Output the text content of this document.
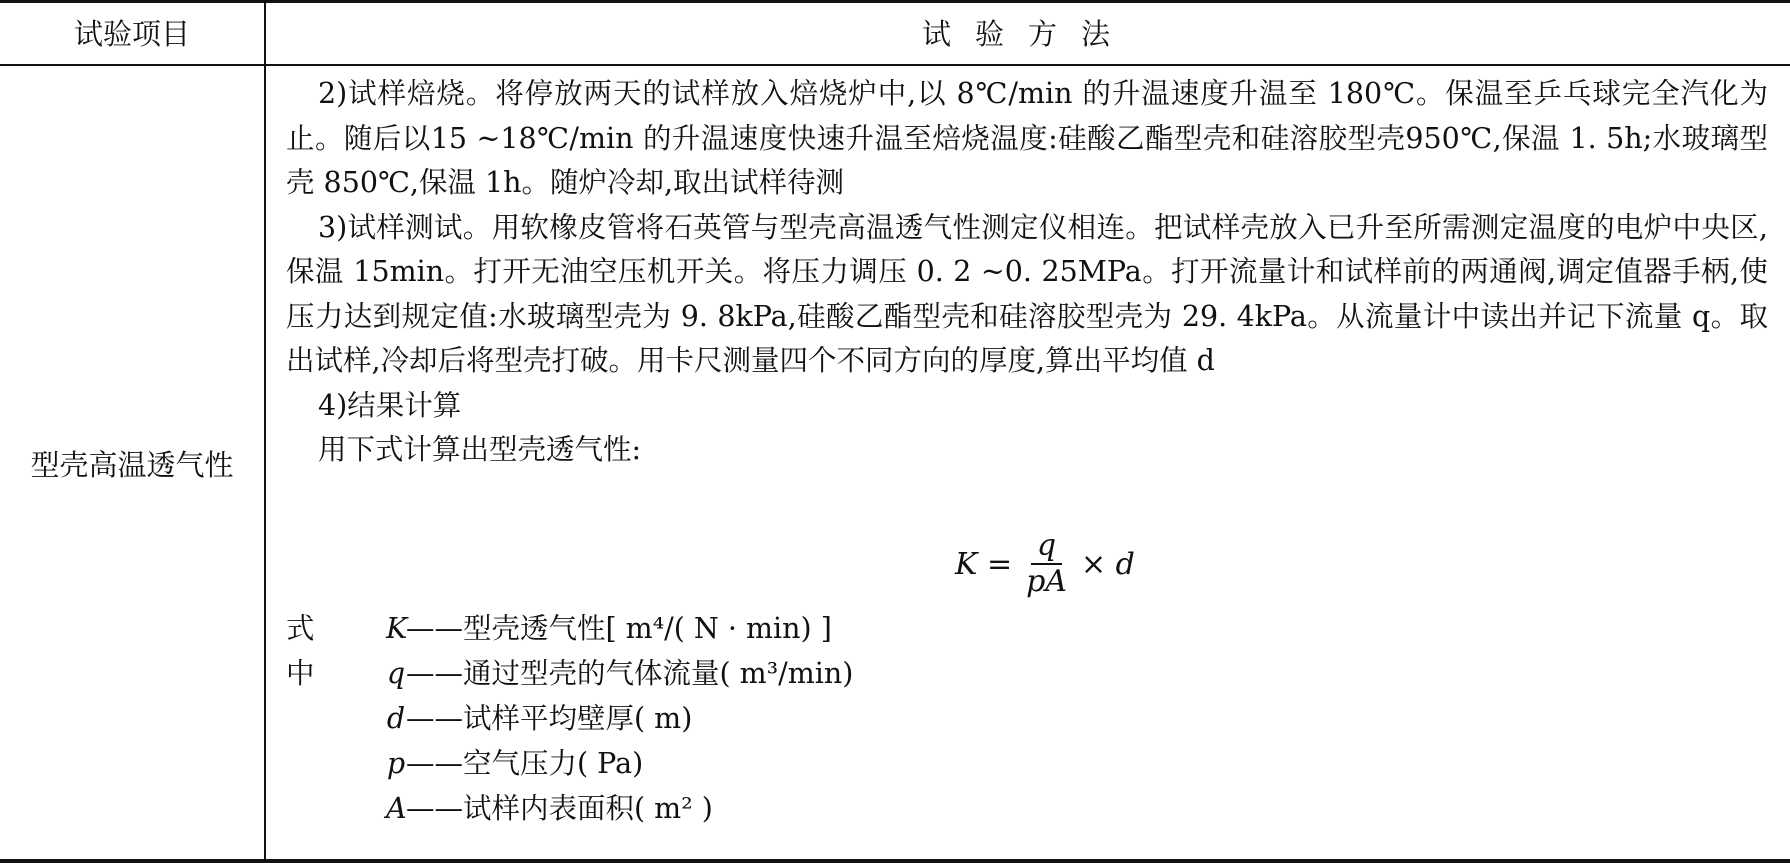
试验项目	试验方法
型壳高温透气性

2)试样焙烧。将停放两天的试样放入焙烧炉中,以 8℃/min 的升温速度升温至 180℃。保温至乒乓球完全汽化为止。随后以15 ~18℃/min 的升温速度快速升温至焙烧温度:硅酸乙酯型壳和硅溶胶型壳950℃,保温 1. 5h;水玻璃型壳 850℃,保温 1h。随炉冷却,取出试样待测

3)试样测试。用软橡皮管将石英管与型壳高温透气性测定仪相连。把试样壳放入已升至所需测定温度的电炉中央区,保温 15min。打开无油空压机开关。将压力调压 0. 2 ~0. 25MPa。打开流量计和试样前的两通阀,调定值器手柄,使压力达到规定值:水玻璃型壳为 9. 8kPa,硅酸乙酯型壳和硅溶胶型壳为 29. 4kPa。从流量计中读出并记下流量 q。取出试样,冷却后将型壳打破。用卡尺测量四个不同方向的厚度,算出平均值 d

4)结果计算

用下式计算出型壳透气性:

$K = \frac{q}{pA} \times d$
式中
K
——型壳透气性[ m⁴/( N · min) ]
q ——通过型壳的气体流量( m³/min)
d ——试样平均壁厚( m)
p ——空气压力( Pa)
A ——试样内表面积( m² )
